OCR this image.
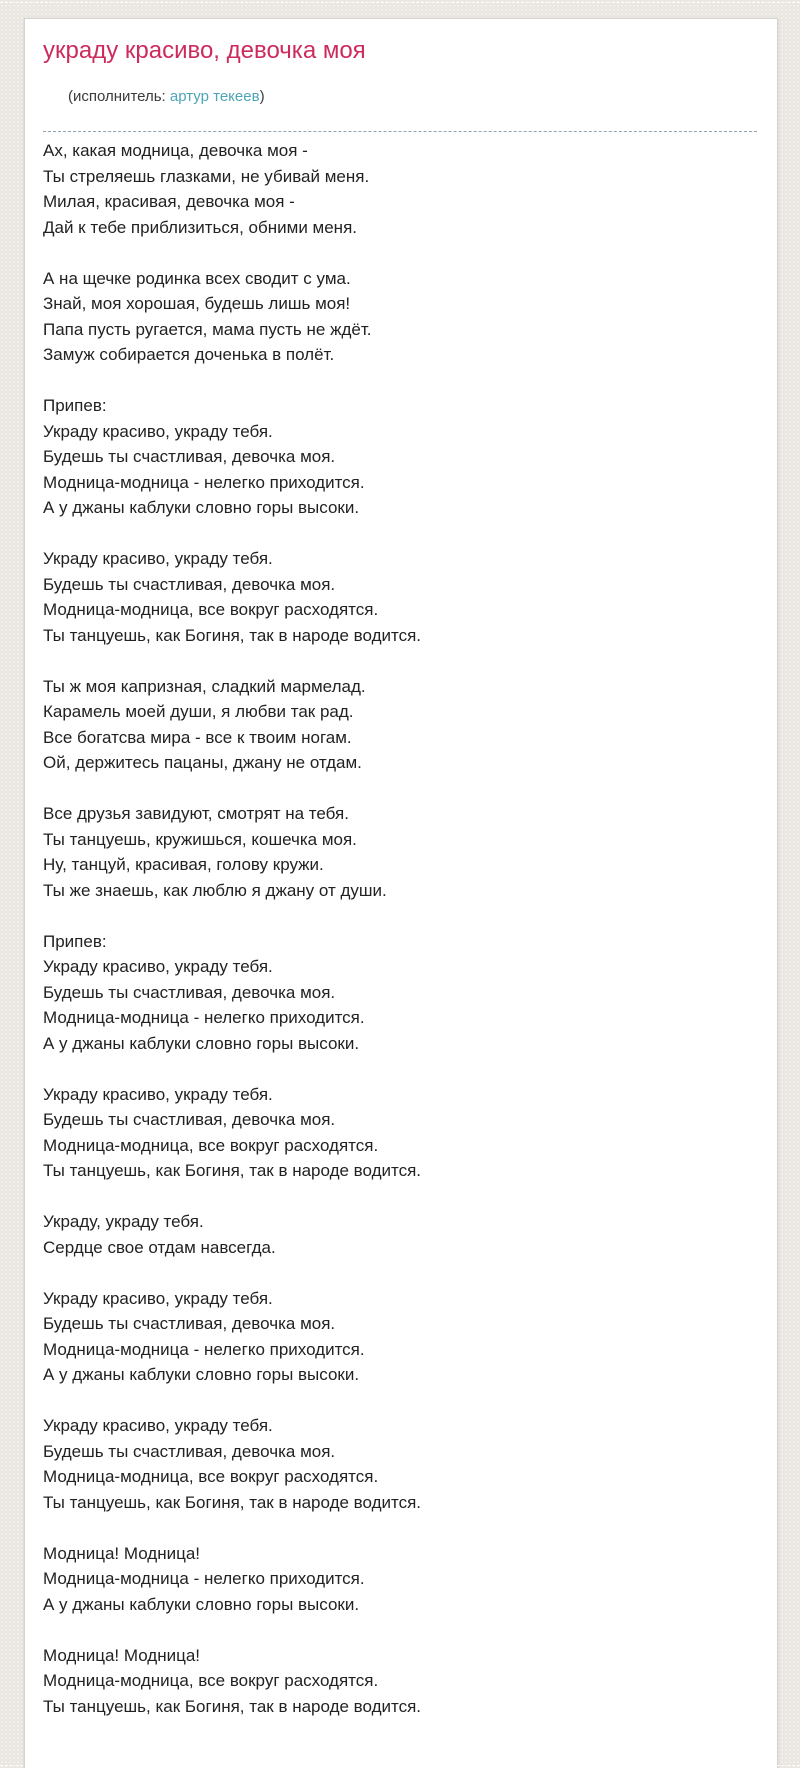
украду красиво, девочка моя

(исполнитель: артур текеев)

Ах, какая модница, девочка моя -
Ты стреляешь глазками, не убивай меня.
Милая, красивая, девочка моя -
Дай к тебе приблизиться, обними меня.

А на щечке родинка всех сводит с ума.
Знай, моя хорошая, будешь лишь моя!
Папа пусть ругается, мама пусть не ждёт.
Замуж собирается доченька в полёт.

Припев:
Украду красиво, украду тебя.
Будешь ты счастливая, девочка моя.
Модница-модница - нелегко приходится.
А у джаны каблуки словно горы высоки.

Украду красиво, украду тебя.
Будешь ты счастливая, девочка моя.
Модница-модница, все вокруг расходятся.
Ты танцуешь, как Богиня, так в народе водится.

Ты ж моя капризная, сладкий мармелад.
Карамель моей души, я любви так рад.
Все богатсва мира - все к твоим ногам.
Ой, держитесь пацаны, джану не отдам.

Все друзья завидуют, смотрят на тебя.
Ты танцуешь, кружишься, кошечка моя.
Ну, танцуй, красивая, голову кружи.
Ты же знаешь, как люблю я джану от души.

Припев:
Украду красиво, украду тебя.
Будешь ты счастливая, девочка моя.
Модница-модница - нелегко приходится.
А у джаны каблуки словно горы высоки.

Украду красиво, украду тебя.
Будешь ты счастливая, девочка моя.
Модница-модница, все вокруг расходятся.
Ты танцуешь, как Богиня, так в народе водится.

Украду, украду тебя.
Сердце свое отдам навсегда.

Украду красиво, украду тебя.
Будешь ты счастливая, девочка моя.
Модница-модница - нелегко приходится.
А у джаны каблуки словно горы высоки.

Украду красиво, украду тебя.
Будешь ты счастливая, девочка моя.
Модница-модница, все вокруг расходятся.
Ты танцуешь, как Богиня, так в народе водится.

Модница! Модница!
Модница-модница - нелегко приходится.
А у джаны каблуки словно горы высоки.

Модница! Модница!
Модница-модница, все вокруг расходятся.
Ты танцуешь, как Богиня, так в народе водится.
